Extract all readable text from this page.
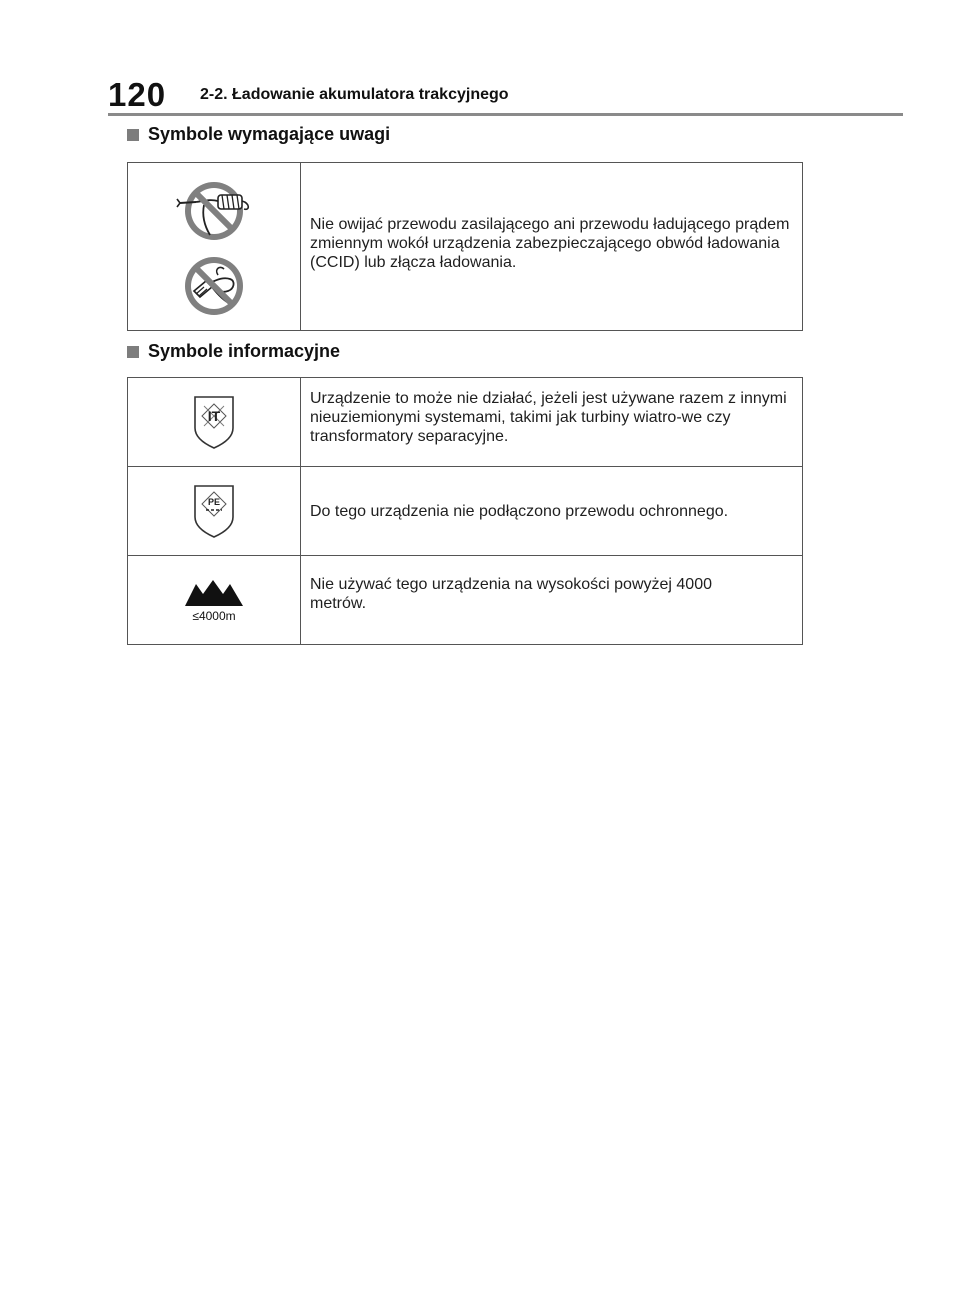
120 2-2. Ładowanie akumulatora trakcyjnego
Symbole wymagające uwagi
	Nie owijać przewodu zasilającego ani przewodu ładującego prądem zmiennym wokół urządzenia zabezpieczającego obwód ładowania (CCID) lub złącza ładowania.
Symbole informacyjne
IT	Urządzenie to może nie działać, jeżeli jest używane razem z innymi nieuziemionymi systemami, takimi jak turbiny wiatro-we czy transformatory separacyjne.

PE	Do tego urządzenia nie podłączono przewodu ochronnego.

≤4000m	Nie używać tego urządzenia na wysokości powyżej 4000 metrów.
